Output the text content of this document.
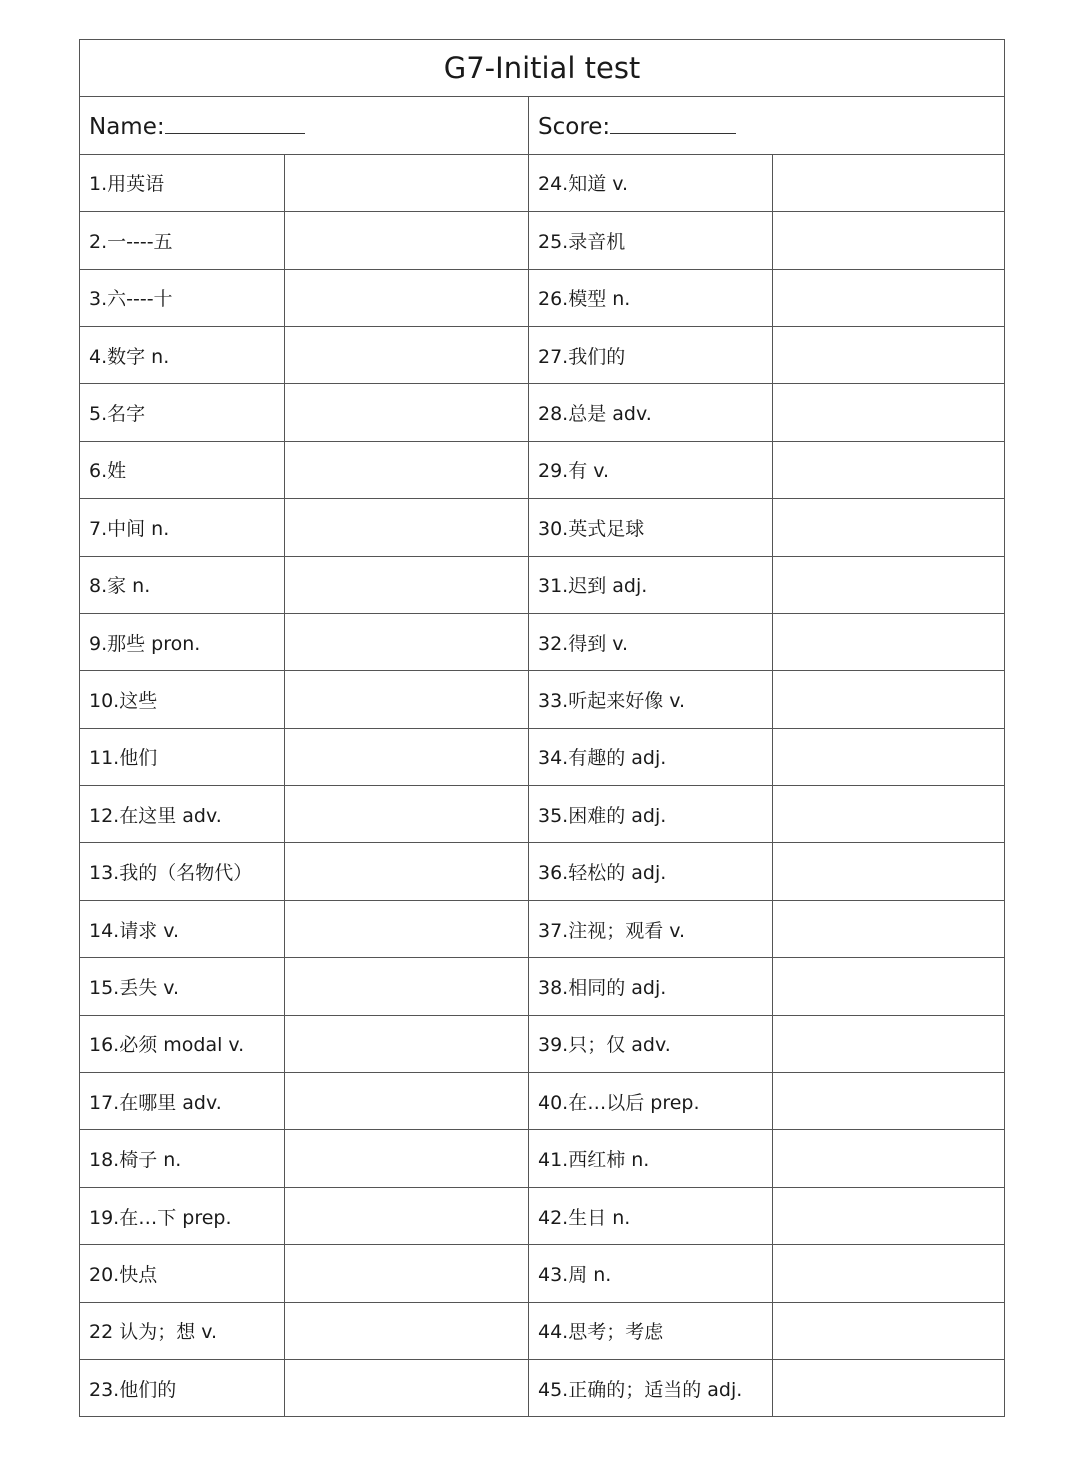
G7-Initial test			
Name:		Score:	
1.用英语		24.知道 v.	
2.一----五		25.录音机	
3.六----十		26.模型 n.	
4.数字 n.		27.我们的	
5.名字		28.总是 adv.	
6.姓		29.有 v.	
7.中间 n.		30.英式足球	
8.家 n.		31.迟到 adj.	
9.那些 pron.		32.得到 v.	
10.这些		33.听起来好像 v.	
11.他们		34.有趣的 adj.	
12.在这里 adv.		35.困难的 adj.	
13.我的（名物代）		36.轻松的 adj.	
14.请求 v.		37.注视；观看 v.	
15.丢失 v.		38.相同的 adj.	
16.必须 modal v.		39.只；仅 adv.	
17.在哪里 adv.		40.在…以后 prep.	
18.椅子 n.		41.西红柿 n.	
19.在…下 prep.		42.生日 n.	
20.快点		43.周 n.	
22 认为；想 v.		44.思考；考虑	
23.他们的		45.正确的；适当的 adj.	
